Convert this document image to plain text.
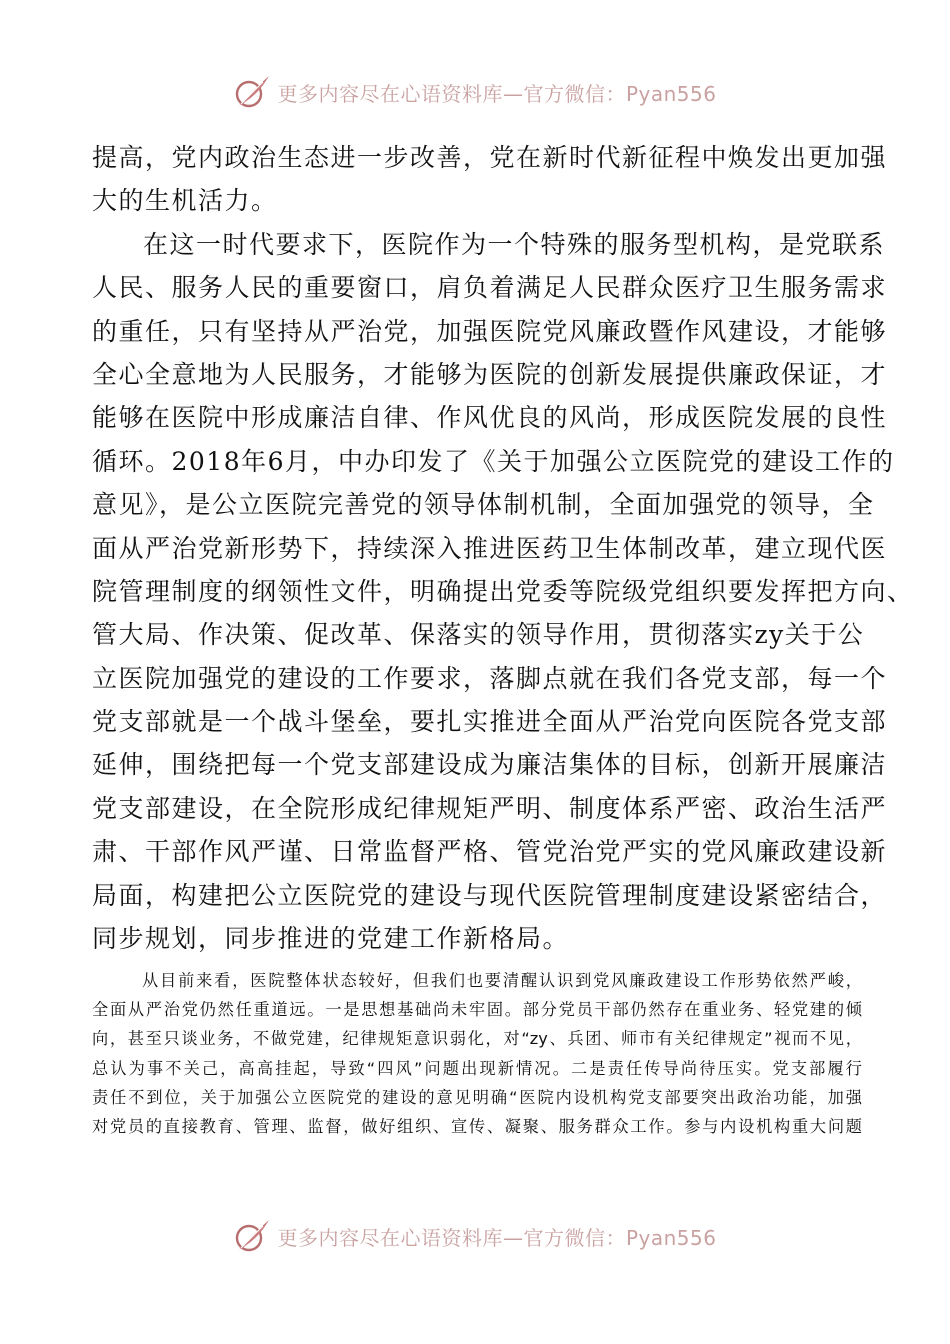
更多内容尽在心语资料库—官方微信：Pyan556
提高，党内政治生态进一步改善，党在新时代新征程中焕发出更加强
大的生机活力。
在这一时代要求下，医院作为一个特殊的服务型机构，是党联系
人民、服务人民的重要窗口，肩负着满足人民群众医疗卫生服务需求
的重任，只有坚持从严治党，加强医院党风廉政暨作风建设，才能够
全心全意地为人民服务，才能够为医院的创新发展提供廉政保证，才
能够在医院中形成廉洁自律、作风优良的风尚，形成医院发展的良性
循环。2018年6月，中办印发了《关于加强公立医院党的建设工作的
意见》，是公立医院完善党的领导体制机制，全面加强党的领导，全
面从严治党新形势下，持续深入推进医药卫生体制改革，建立现代医
院管理制度的纲领性文件，明确提出党委等院级党组织要发挥把方向、
管大局、作决策、促改革、保落实的领导作用，贯彻落实zy关于公
立医院加强党的建设的工作要求，落脚点就在我们各党支部，每一个
党支部就是一个战斗堡垒，要扎实推进全面从严治党向医院各党支部
延伸，围绕把每一个党支部建设成为廉洁集体的目标，创新开展廉洁
党支部建设，在全院形成纪律规矩严明、制度体系严密、政治生活严
肃、干部作风严谨、日常监督严格、管党治党严实的党风廉政建设新
局面，构建把公立医院党的建设与现代医院管理制度建设紧密结合，
同步规划，同步推进的党建工作新格局。
从目前来看，医院整体状态较好，但我们也要清醒认识到党风廉政建设工作形势依然严峻，
全面从严治党仍然任重道远。一是思想基础尚未牢固。部分党员干部仍然存在重业务、轻党建的倾
向，甚至只谈业务，不做党建，纪律规矩意识弱化，对“zy、兵团、师市有关纪律规定”视而不见，
总认为事不关己，高高挂起，导致“四风”问题出现新情况。二是责任传导尚待压实。党支部履行
责任不到位，关于加强公立医院党的建设的意见明确“医院内设机构党支部要突出政治功能，加强
对党员的直接教育、管理、监督，做好组织、宣传、凝聚、服务群众工作。参与内设机构重大问题
更多内容尽在心语资料库—官方微信：Pyan556
